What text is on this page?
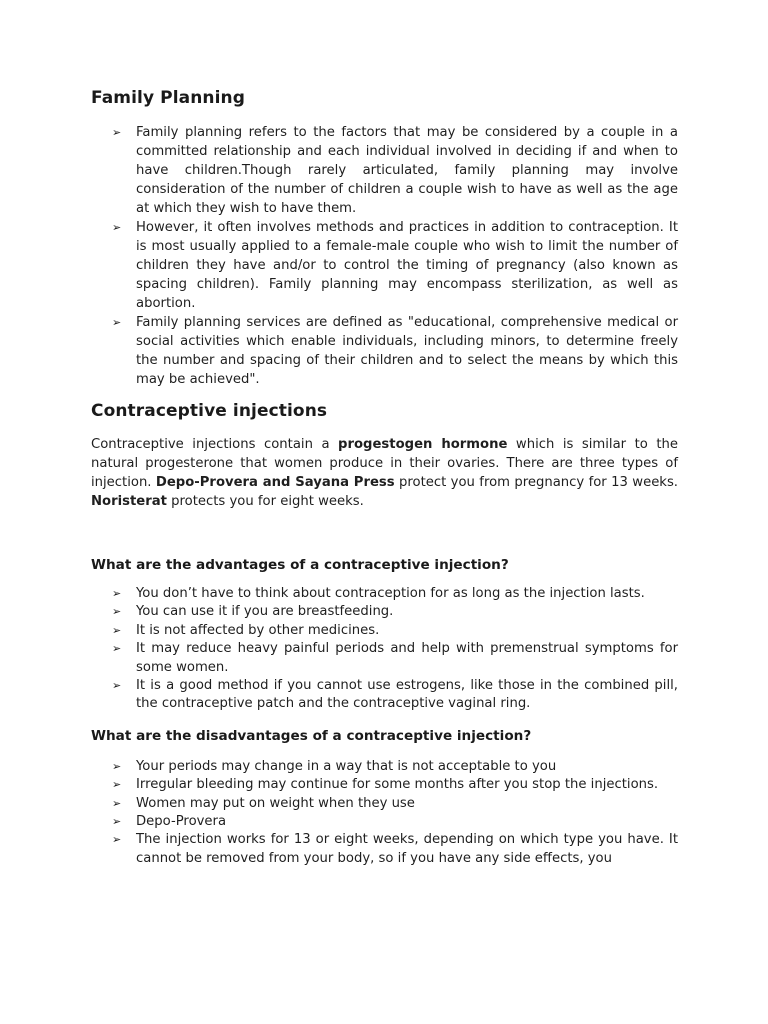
Family Planning
➢ Family planning refers to the factors that may be considered by a couple in a committed relationship and each individual involved in deciding if and when to have children.Though rarely articulated, family planning may involve consideration of the number of children a couple wish to have as well as the age at which they wish to have them.
➢ However, it often involves methods and practices in addition to contraception. It is most usually applied to a female-male couple who wish to limit the number of children they have and/or to control the timing of pregnancy (also known as spacing children). Family planning may encompass sterilization, as well as abortion.
➢ Family planning services are defined as "educational, comprehensive medical or social activities which enable individuals, including minors, to determine freely the number and spacing of their children and to select the means by which this may be achieved".
Contraceptive injections

Contraceptive injections contain a progestogen hormone which is similar to the natural progesterone that women produce in their ovaries. There are three types of injection. Depo-Provera and Sayana Press protect you from pregnancy for 13 weeks. Noristerat protects you for eight weeks.

What are the advantages of a contraceptive injection?
➢ You don’t have to think about contraception for as long as the injection lasts.
➢ You can use it if you are breastfeeding.
➢ It is not affected by other medicines.
➢ It may reduce heavy painful periods and help with premenstrual symptoms for some women.
➢ It is a good method if you cannot use estrogens, like those in the combined pill, the contraceptive patch and the contraceptive vaginal ring.
What are the disadvantages of a contraceptive injection?
➢ Your periods may change in a way that is not acceptable to you
➢ Irregular bleeding may continue for some months after you stop the injections.
➢ Women may put on weight when they use
➢ Depo-Provera
➢ The injection works for 13 or eight weeks, depending on which type you have. It cannot be removed from your body, so if you have any side effects, you
